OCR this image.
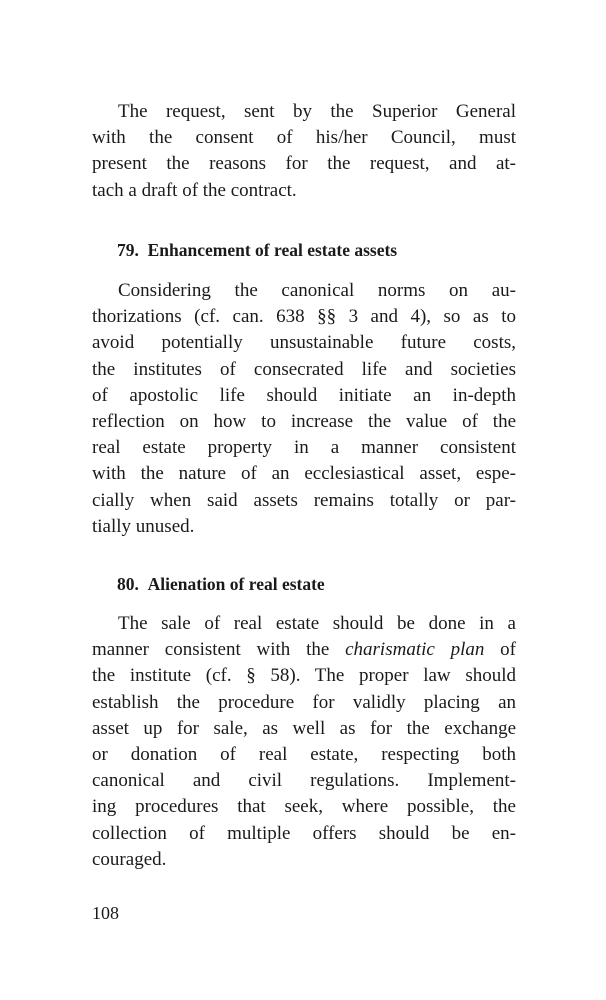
The request, sent by the Superior General
with the consent of his/her Council, must
present the reasons for the request, and at-
tach a draft of the contract.
79.  Enhancement of real estate assets
Considering the canonical norms on au-
thorizations (cf. can. 638 §§ 3 and 4), so as to
avoid potentially unsustainable future costs,
the institutes of consecrated life and societies
of apostolic life should initiate an in-depth
reflection on how to increase the value of the
real estate property in a manner consistent
with the nature of an ecclesiastical asset, espe-
cially when said assets remains totally or par-
tially unused.
80.  Alienation of real estate
The sale of real estate should be done in a
manner consistent with the charismatic plan of
the institute (cf. § 58). The proper law should
establish the procedure for validly placing an
asset up for sale, as well as for the exchange
or donation of real estate, respecting both
canonical and civil regulations. Implement-
ing procedures that seek, where possible, the
collection of multiple offers should be en-
couraged.
108
